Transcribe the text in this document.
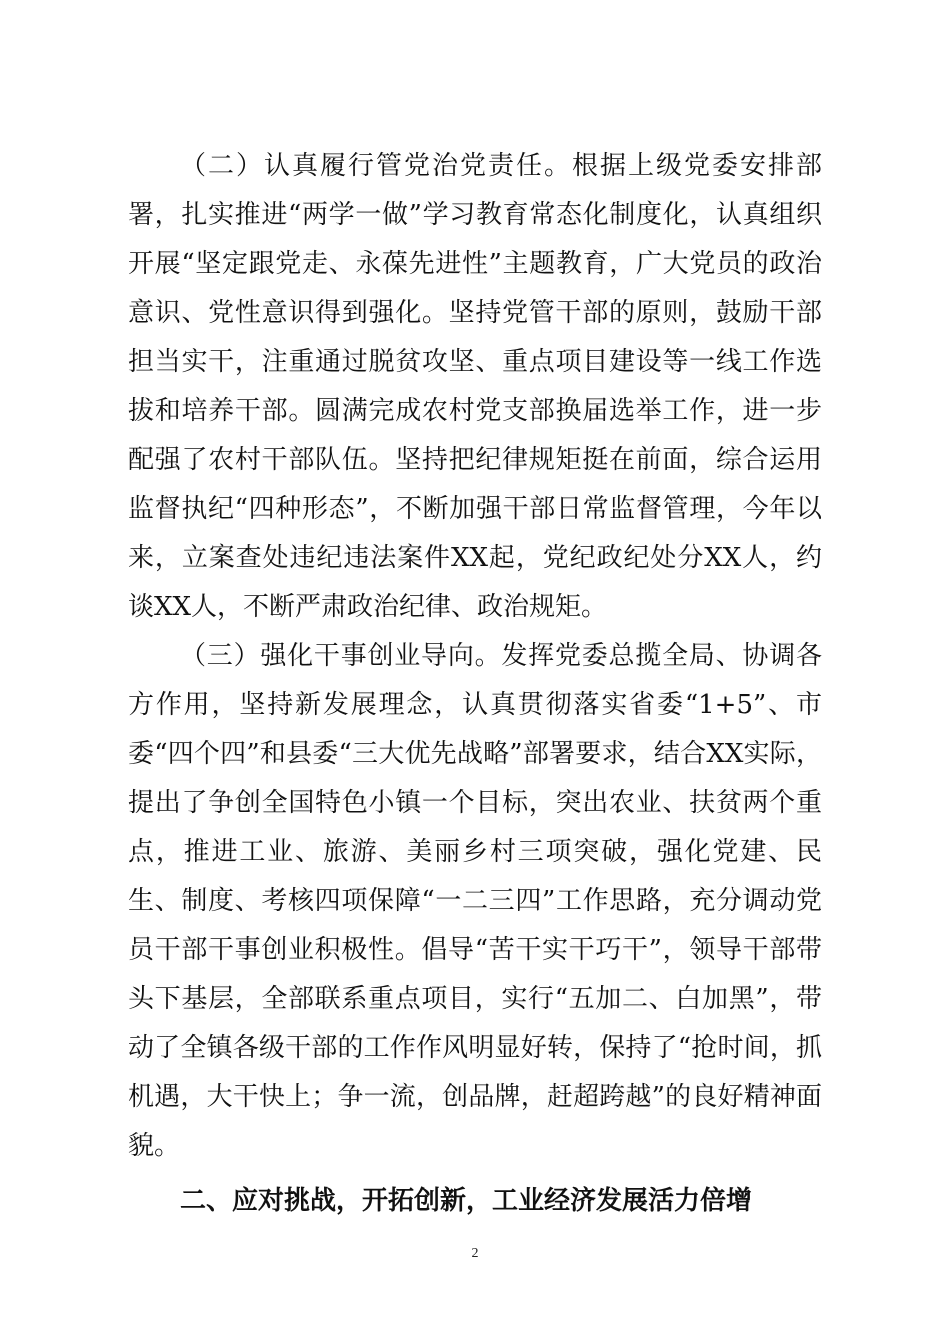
（二）认真履行管党治党责任。根据上级党委安排部署，扎实推进“两学一做”学习教育常态化制度化，认真组织开展“坚定跟党走、永葆先进性”主题教育，广大党员的政治意识、党性意识得到强化。坚持党管干部的原则，鼓励干部担当实干，注重通过脱贫攻坚、重点项目建设等一线工作选拔和培养干部。圆满完成农村党支部换届选举工作，进一步配强了农村干部队伍。坚持把纪律规矩挺在前面，综合运用监督执纪“四种形态”，不断加强干部日常监督管理，今年以来，立案查处违纪违法案件XX起，党纪政纪处分XX人，约谈XX人，不断严肃政治纪律、政治规矩。

（三）强化干事创业导向。发挥党委总揽全局、协调各方作用，坚持新发展理念，认真贯彻落实省委“1+5”、市委“四个四”和县委“三大优先战略”部署要求，结合XX实际，提出了争创全国特色小镇一个目标，突出农业、扶贫两个重点，推进工业、旅游、美丽乡村三项突破，强化党建、民生、制度、考核四项保障“一二三四”工作思路，充分调动党员干部干事创业积极性。倡导“苦干实干巧干”，领导干部带头下基层，全部联系重点项目，实行“五加二、白加黑”，带动了全镇各级干部的工作作风明显好转，保持了“抢时间，抓机遇，大干快上；争一流，创品牌，赶超跨越”的良好精神面貌。

二、应对挑战，开拓创新，工业经济发展活力倍增
2
